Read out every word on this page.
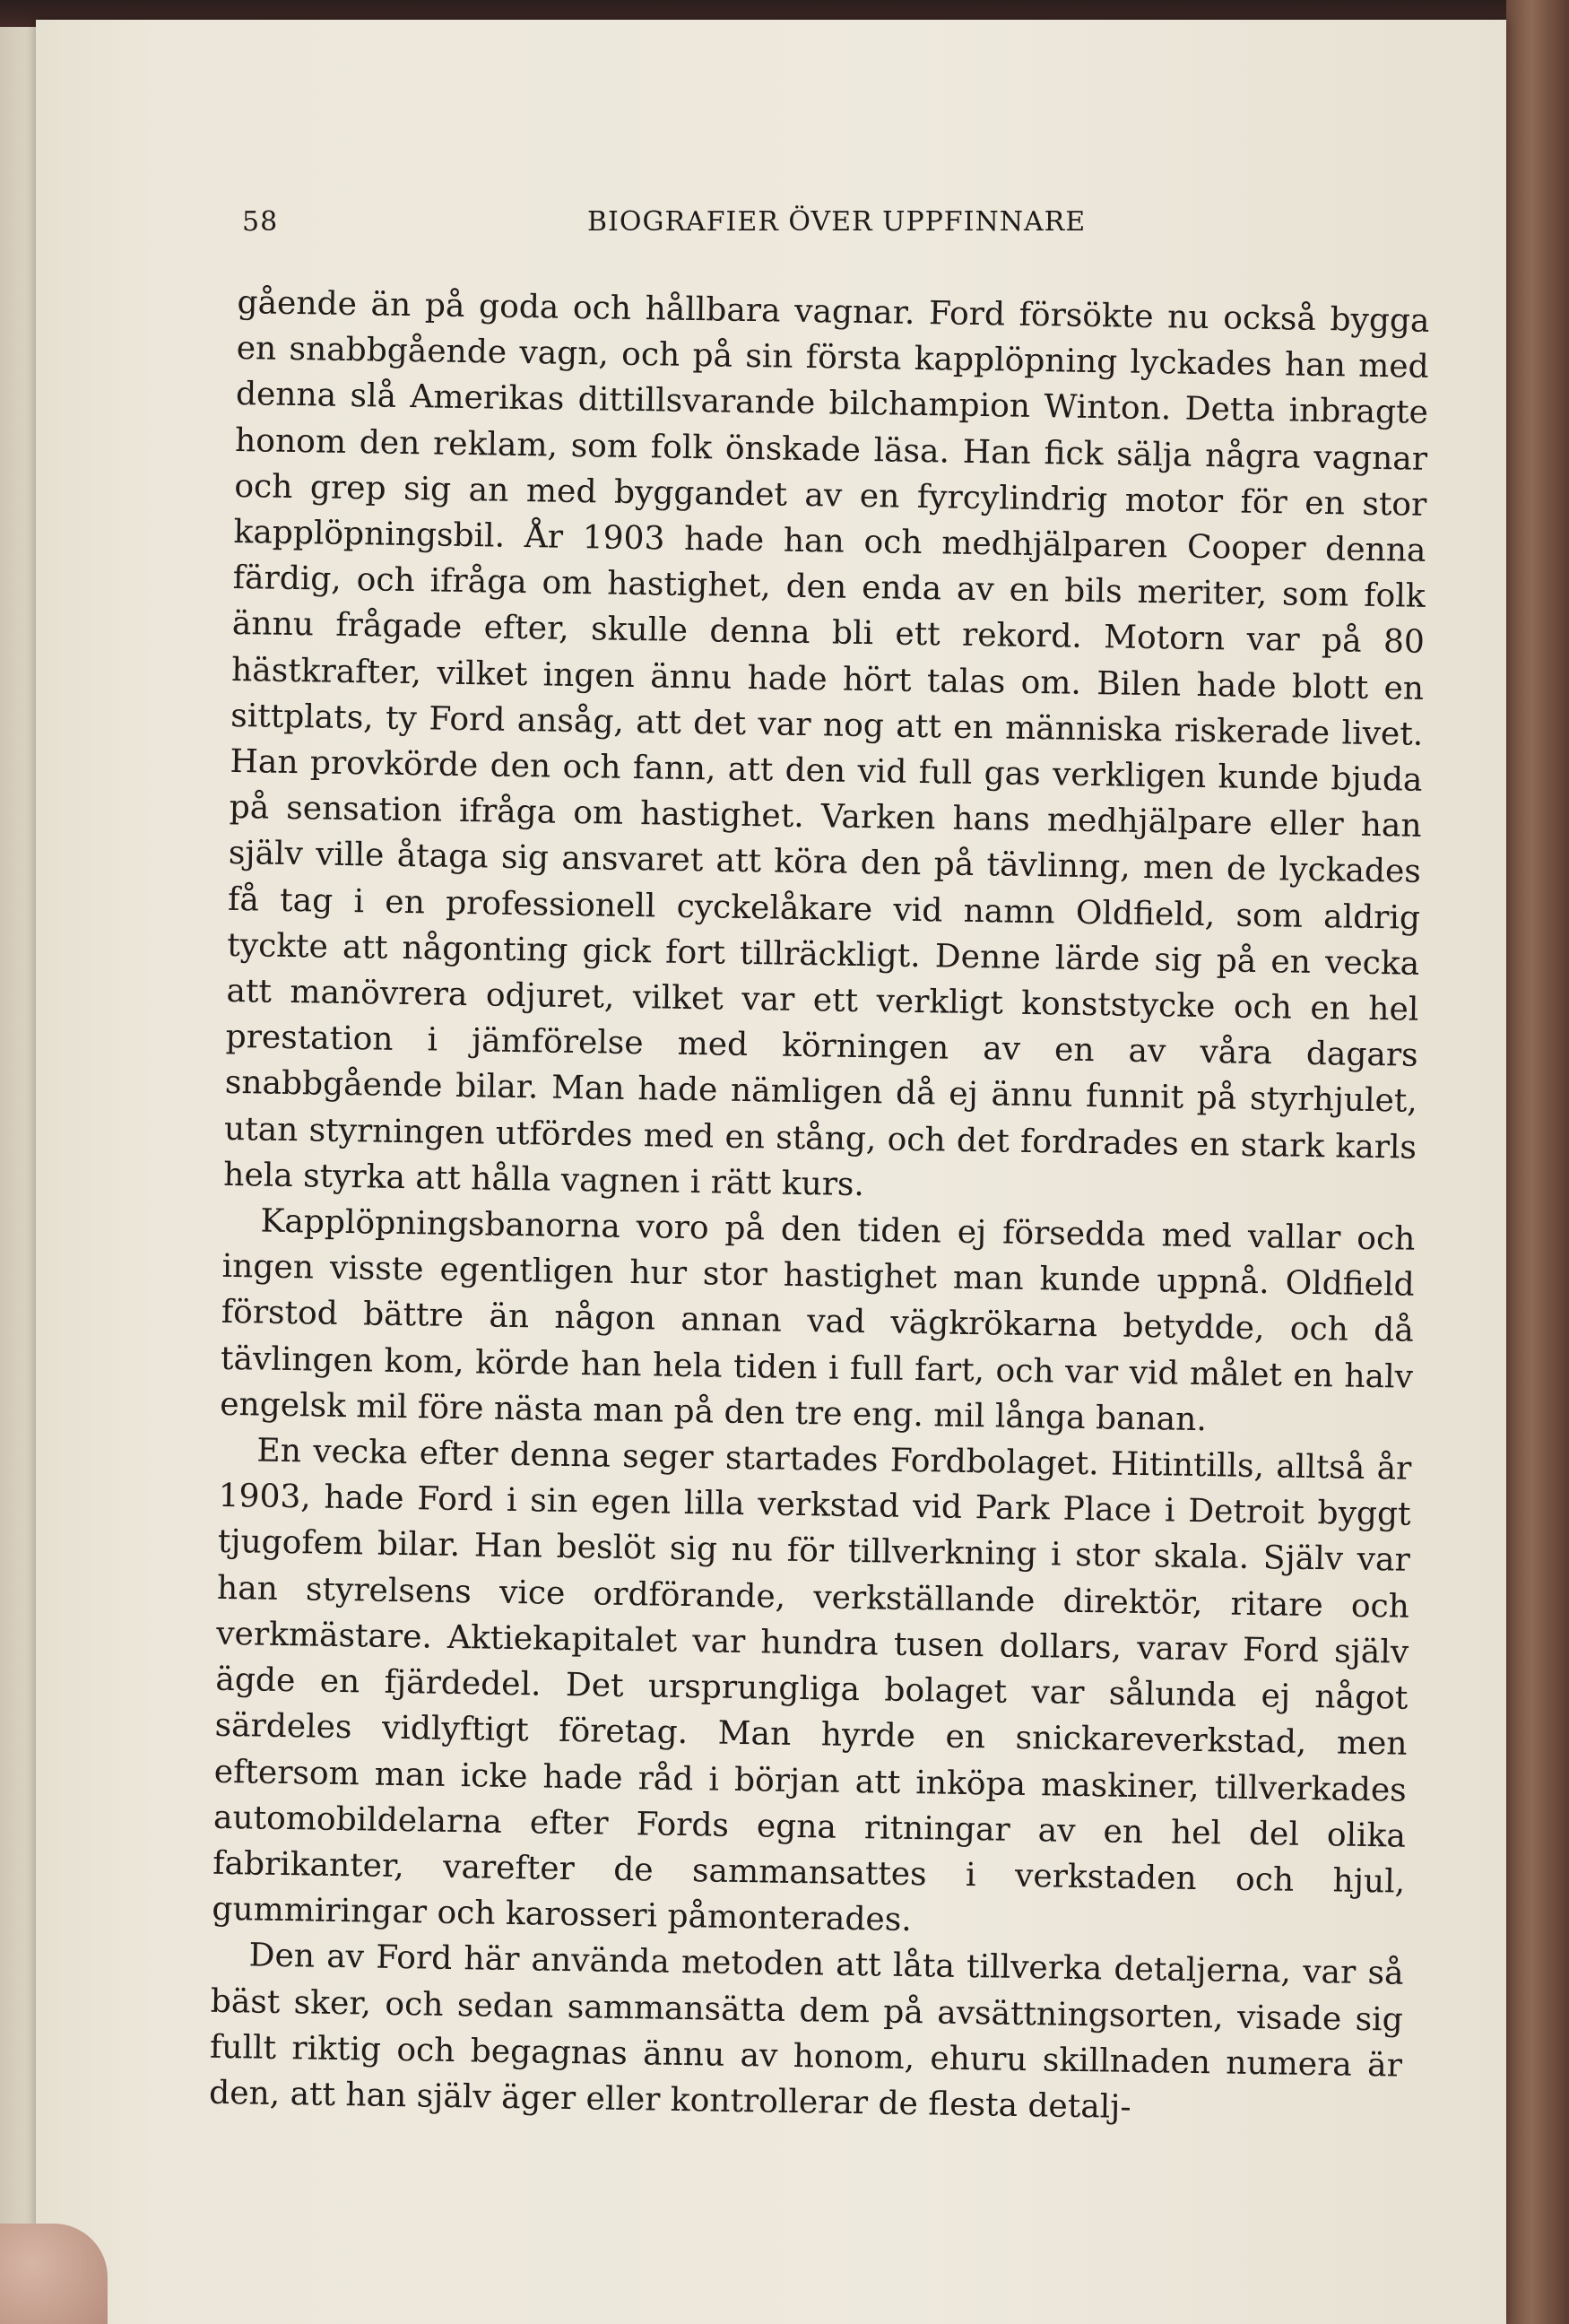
58	BIOGRAFIER ÖVER UPPFINNARE

gående än på goda och hållbara vagnar. Ford försökte nu också bygga en snabbgående vagn, och på sin första kapplöpning lyckades han med denna slå Amerikas dittillsvarande bilchampion Winton. Detta inbragte honom den reklam, som folk önskade läsa. Han fick sälja några vagnar och grep sig an med byggandet av en fyrcylindrig motor för en stor kapplöpningsbil. År 1903 hade han och medhjälparen Cooper denna färdig, och ifråga om hastighet, den enda av en bils meriter, som folk ännu frågade efter, skulle denna bli ett rekord. Motorn var på 80 hästkrafter, vilket ingen ännu hade hört talas om. Bilen hade blott en sittplats, ty Ford ansåg, att det var nog att en människa riskerade livet. Han provkörde den och fann, att den vid full gas verkligen kunde bjuda på sensation ifråga om hastighet. Varken hans medhjälpare eller han själv ville åtaga sig ansvaret att köra den på tävlinng, men de lyckades få tag i en professionell cyckelåkare vid namn Oldfield, som aldrig tyckte att någonting gick fort tillräckligt. Denne lärde sig på en vecka att manövrera odjuret, vilket var ett verkligt konststycke och en hel prestation i jämförelse med körningen av en av våra dagars snabbgående bilar. Man hade nämligen då ej ännu funnit på styrhjulet, utan styrningen utfördes med en stång, och det fordrades en stark karls hela styrka att hålla vagnen i rätt kurs.

Kapplöpningsbanorna voro på den tiden ej försedda med vallar och ingen visste egentligen hur stor hastighet man kunde uppnå. Oldfield förstod bättre än någon annan vad vägkrökarna betydde, och då tävlingen kom, körde han hela tiden i full fart, och var vid målet en halv engelsk mil före nästa man på den tre eng. mil långa banan.

En vecka efter denna seger startades Fordbolaget. Hitintills, alltså år 1903, hade Ford i sin egen lilla verkstad vid Park Place i Detroit byggt tjugofem bilar. Han beslöt sig nu för tillverkning i stor skala. Själv var han styrelsens vice ordförande, verkställande direktör, ritare och verkmästare. Aktiekapitalet var hundra tusen dollars, varav Ford själv ägde en fjärdedel. Det ursprungliga bolaget var sålunda ej något särdeles vidlyftigt företag. Man hyrde en snickareverkstad, men eftersom man icke hade råd i början att inköpa maskiner, tillverkades automobildelarna efter Fords egna ritningar av en hel del olika fabrikanter, varefter de sammansattes i verkstaden och hjul, gummiringar och karosseri påmonterades.

Den av Ford här använda metoden att låta tillverka detaljerna, var så bäst sker, och sedan sammansätta dem på avsättningsorten, visade sig fullt riktig och begagnas ännu av honom, ehuru skillnaden numera är den, att han själv äger eller kontrollerar de flesta detalj-
